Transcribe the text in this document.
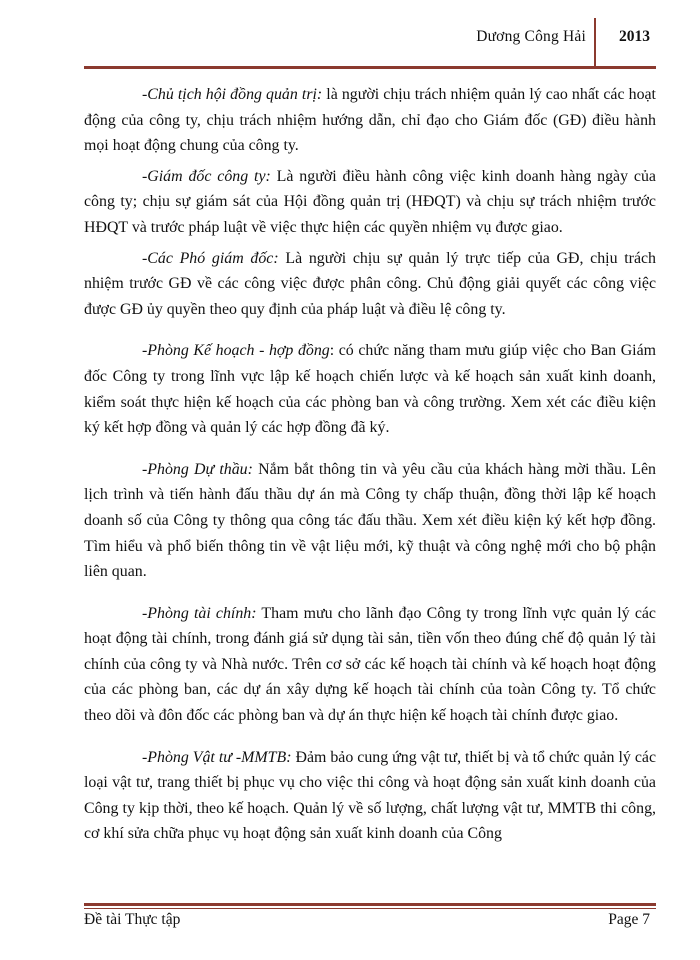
Dương Công Hải 2013

-Chủ tịch hội đồng quản trị: là người chịu trách nhiệm quản lý cao nhất các hoạt động của công ty, chịu trách nhiệm hướng dẫn, chỉ đạo cho Giám đốc (GĐ) điều hành mọi hoạt động chung của công ty.

-Giám đốc công ty: Là người điều hành công việc kinh doanh hàng ngày của công ty; chịu sự giám sát của Hội đồng quản trị (HĐQT) và chịu sự trách nhiệm trước HĐQT và trước pháp luật về việc thực hiện các quyền nhiệm vụ được giao.

-Các Phó giám đốc: Là người chịu sự quản lý trực tiếp của GĐ, chịu trách nhiệm trước GĐ về các công việc được phân công. Chủ động giải quyết các công việc được GĐ ủy quyền theo quy định của pháp luật và điều lệ công ty.

-Phòng Kế hoạch - hợp đồng: có chức năng tham mưu giúp việc cho Ban Giám đốc Công ty trong lĩnh vực lập kế hoạch chiến lược và kế hoạch sản xuất kinh doanh, kiểm soát thực hiện kế hoạch của các phòng ban và công trường. Xem xét các điều kiện ký kết hợp đồng và quản lý các hợp đồng đã ký.

-Phòng Dự thầu: Nắm bắt thông tin và yêu cầu của khách hàng mời thầu. Lên lịch trình và tiến hành đấu thầu dự án mà Công ty chấp thuận, đồng thời lập kế hoạch doanh số của Công ty thông qua công tác đấu thầu. Xem xét điều kiện ký kết hợp đồng. Tìm hiểu và phổ biến thông tin về vật liệu mới, kỹ thuật và công nghệ mới cho bộ phận liên quan.

-Phòng tài chính: Tham mưu cho lãnh đạo Công ty trong lĩnh vực quản lý các hoạt động tài chính, trong đánh giá sử dụng tài sản, tiền vốn theo đúng chế độ quản lý tài chính của công ty và Nhà nước. Trên cơ sở các kế hoạch tài chính và kế hoạch hoạt động của các phòng ban, các dự án xây dựng kế hoạch tài chính của toàn Công ty. Tổ chức theo dõi và đôn đốc các phòng ban và dự án thực hiện kế hoạch tài chính được giao.

-Phòng Vật tư -MMTB: Đảm bảo cung ứng vật tư, thiết bị và tổ chức quản lý các loại vật tư, trang thiết bị phục vụ cho việc thi công và hoạt động sản xuất kinh doanh của Công ty kịp thời, theo kế hoạch. Quản lý về số lượng, chất lượng vật tư, MMTB thi công, cơ khí sửa chữa phục vụ hoạt động sản xuất kinh doanh của Công

Đề tài Thực tập	Page 7
